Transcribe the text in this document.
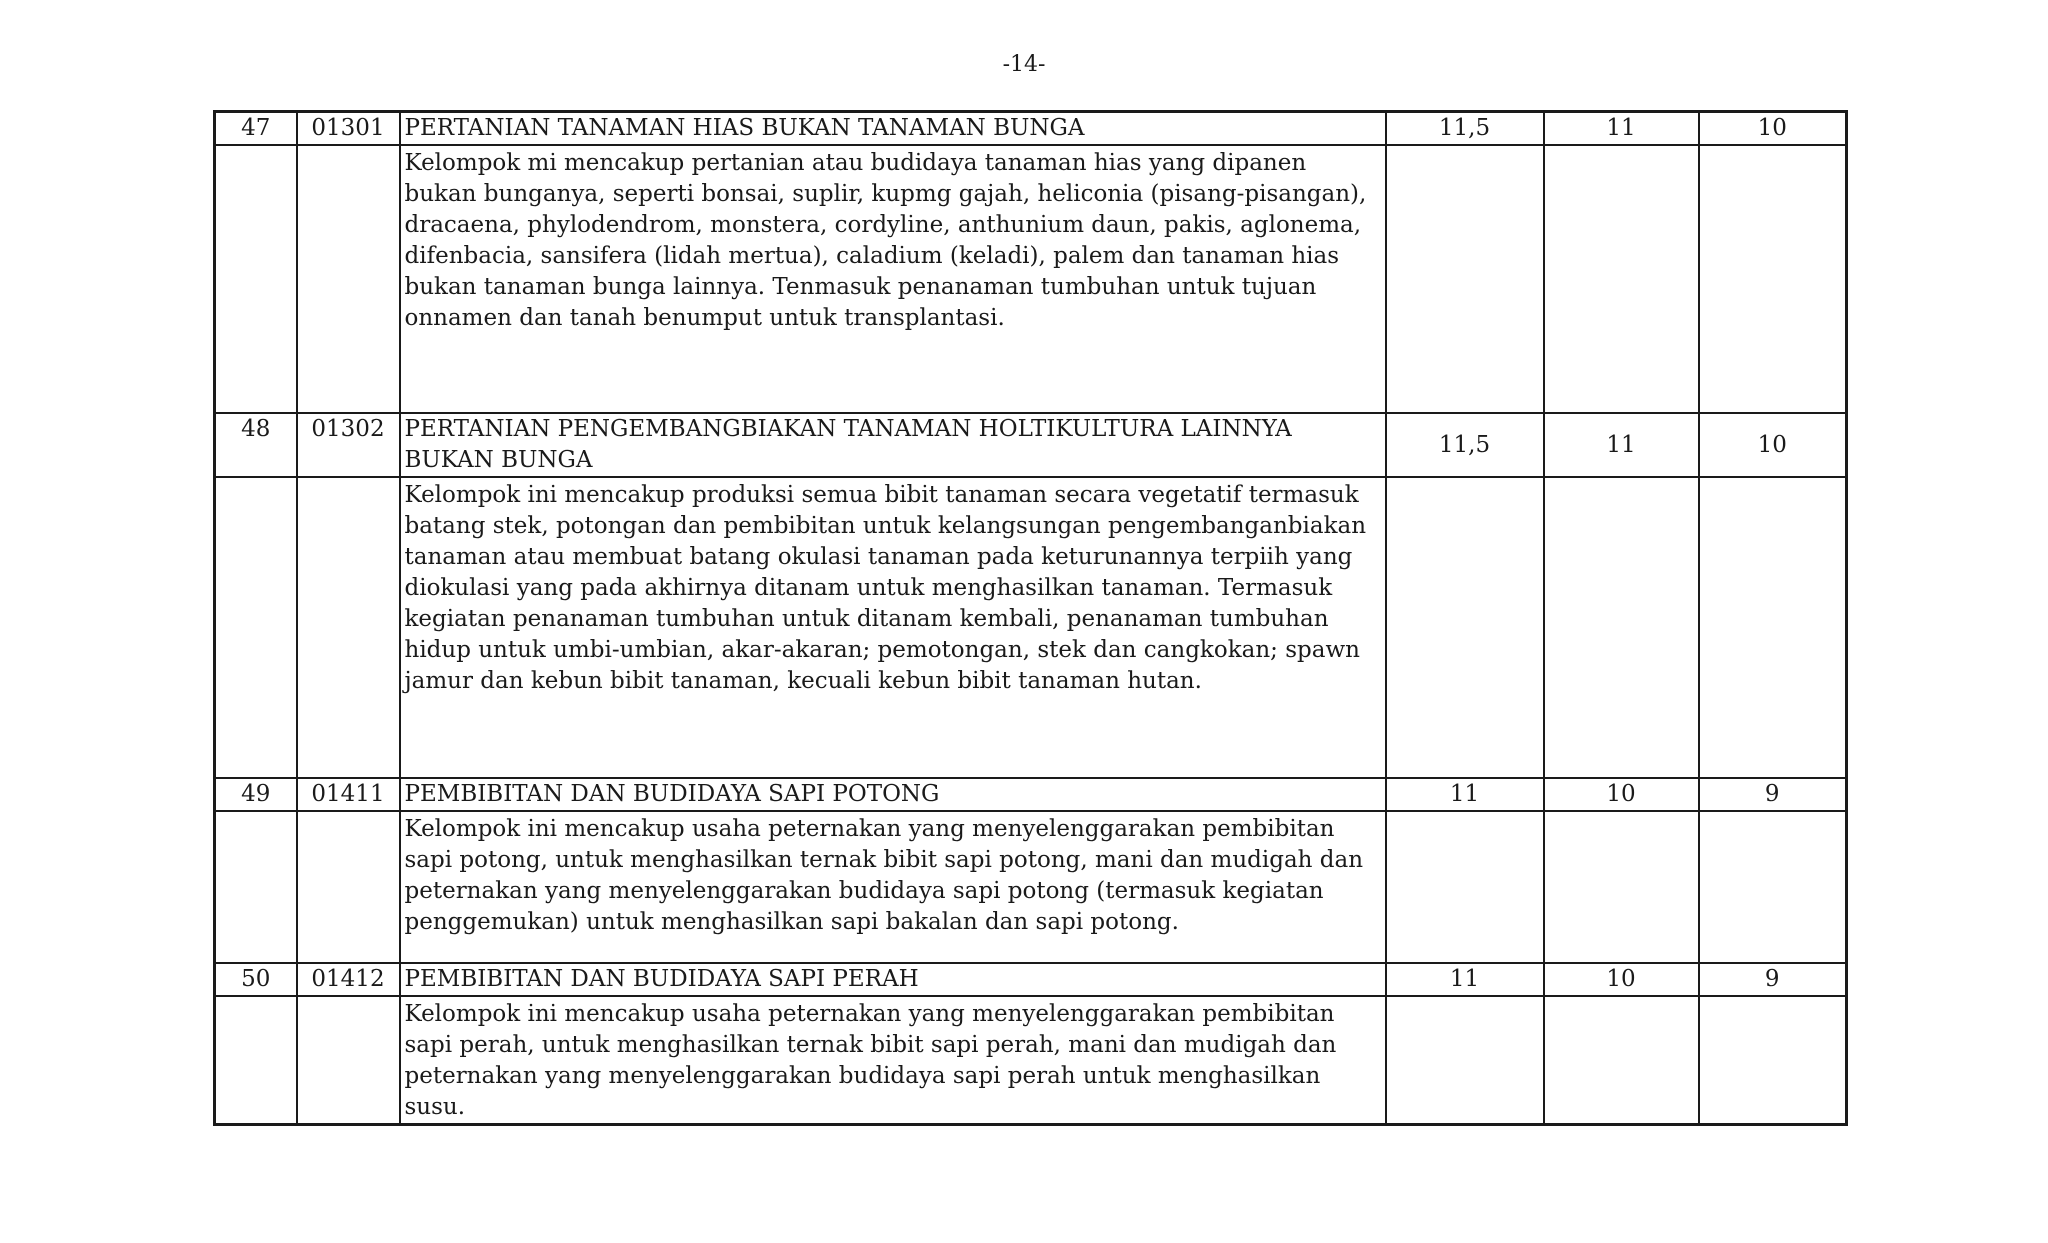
-14-
47	01301	PERTANIAN TANAMAN HIAS BUKAN TANAMAN BUNGA	11,5	11	10
		Kelompok mi mencakup pertanian atau budidaya tanaman hias yang dipanen bukan bunganya, seperti bonsai, suplir, kupmg gajah, heliconia (pisang-pisangan), dracaena, phylodendrom, monstera, cordyline, anthunium daun, pakis, aglonema, difenbacia, sansifera (lidah mertua), caladium (keladi), palem dan tanaman hias bukan tanaman bunga lainnya. Tenmasuk penanaman tumbuhan untuk tujuan onnamen dan tanah benumput untuk transplantasi.			
48	01302	PERTANIAN PENGEMBANGBIAKAN TANAMAN HOLTIKULTURA LAINNYA BUKAN BUNGA	11,5	11	10
		Kelompok ini mencakup produksi semua bibit tanaman secara vegetatif termasuk batang stek, potongan dan pembibitan untuk kelangsungan pengembanganbiakan tanaman atau membuat batang okulasi tanaman pada keturunannya terpiih yang diokulasi yang pada akhirnya ditanam untuk menghasilkan tanaman. Termasuk kegiatan penanaman tumbuhan untuk ditanam kembali, penanaman tumbuhan hidup untuk umbi-umbian, akar-akaran; pemotongan, stek dan cangkokan; spawn jamur dan kebun bibit tanaman, kecuali kebun bibit tanaman hutan.			
49	01411	PEMBIBITAN DAN BUDIDAYA SAPI POTONG	11	10	9
		Kelompok ini mencakup usaha peternakan yang menyelenggarakan pembibitan sapi potong, untuk menghasilkan ternak bibit sapi potong, mani dan mudigah dan peternakan yang menyelenggarakan budidaya sapi potong (termasuk kegiatan penggemukan) untuk menghasilkan sapi bakalan dan sapi potong.			
50	01412	PEMBIBITAN DAN BUDIDAYA SAPI PERAH	11	10	9
		Kelompok ini mencakup usaha peternakan yang menyelenggarakan pembibitan sapi perah, untuk menghasilkan ternak bibit sapi perah, mani dan mudigah dan peternakan yang menyelenggarakan budidaya sapi perah untuk menghasilkan susu.			
